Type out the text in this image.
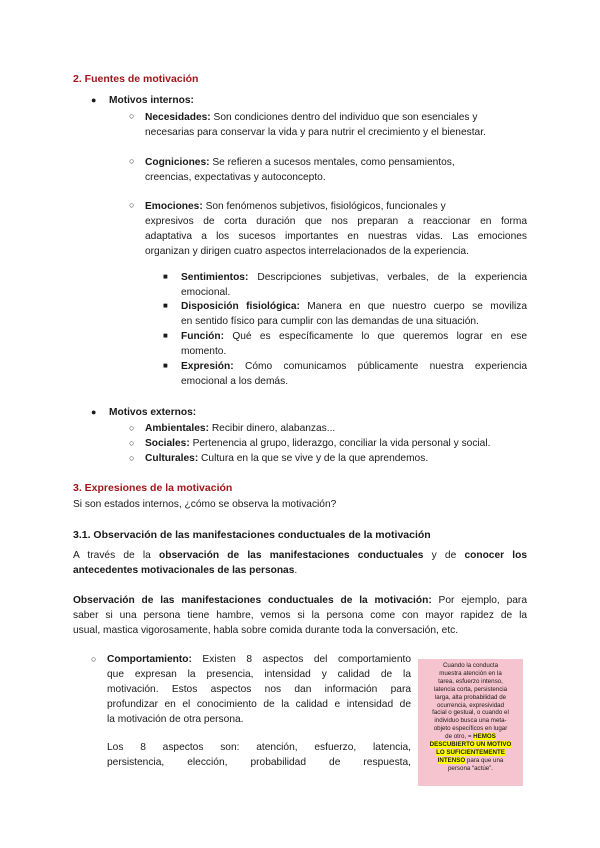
2. Fuentes de motivación
● Motivos internos:
○ Necesidades: Son condiciones dentro del individuo que son esenciales y
necesarias para conservar la vida y para nutrir el crecimiento y el bienestar.
○ Cogniciones: Se refieren a sucesos mentales, como pensamientos,
creencias, expectativas y autoconcepto.
○ Emociones: Son fenómenos subjetivos, fisiológicos, funcionales y
expresivos de corta duración que nos preparan a reaccionar en forma
adaptativa a los sucesos importantes en nuestras vidas. Las emociones
organizan y dirigen cuatro aspectos interrelacionados de la experiencia.
■ Sentimientos: Descripciones subjetivas, verbales, de la experiencia
emocional.
■ Disposición fisiológica: Manera en que nuestro cuerpo se moviliza
en sentido físico para cumplir con las demandas de una situación.
■ Función: Qué es específicamente lo que queremos lograr en ese
momento.
■ Expresión: Cómo comunicamos públicamente nuestra experiencia
emocional a los demás.
● Motivos externos:
○ Ambientales: Recibir dinero, alabanzas...
○ Sociales: Pertenencia al grupo, liderazgo, conciliar la vida personal y social.
○ Culturales: Cultura en la que se vive y de la que aprendemos.
3. Expresiones de la motivación
Si son estados internos, ¿cómo se observa la motivación?
3.1. Observación de las manifestaciones conductuales de la motivación
A través de la observación de las manifestaciones conductuales y de conocer los
antecedentes motivacionales de las personas.
Observación de las manifestaciones conductuales de la motivación: Por ejemplo, para
saber si una persona tiene hambre, vemos si la persona come con mayor rapidez de la
usual, mastica vigorosamente, habla sobre comida durante toda la conversación, etc.
○ Comportamiento: Existen 8 aspectos del comportamiento
que expresan la presencia, intensidad y calidad de la
motivación. Estos aspectos nos dan información para
profundizar en el conocimiento de la calidad e intensidad de
la motivación de otra persona.
Los 8 aspectos son: atención, esfuerzo, latencia,
persistencia, elección, probabilidad de respuesta,
Cuando la conducta
muestra atención en la
tarea, esfuerzo intenso,
latencia corta, persistencia
larga, alta probabilidad de
ocurrencia, expresividad
facial o gestual, o cuando el
individuo busca una meta-
objeto específicos en lugar
de otro, = HEMOS
DESCUBIERTO UN MOTIVO
LO SUFICIENTEMENTE
INTENSO para que una
persona “actúe”.
